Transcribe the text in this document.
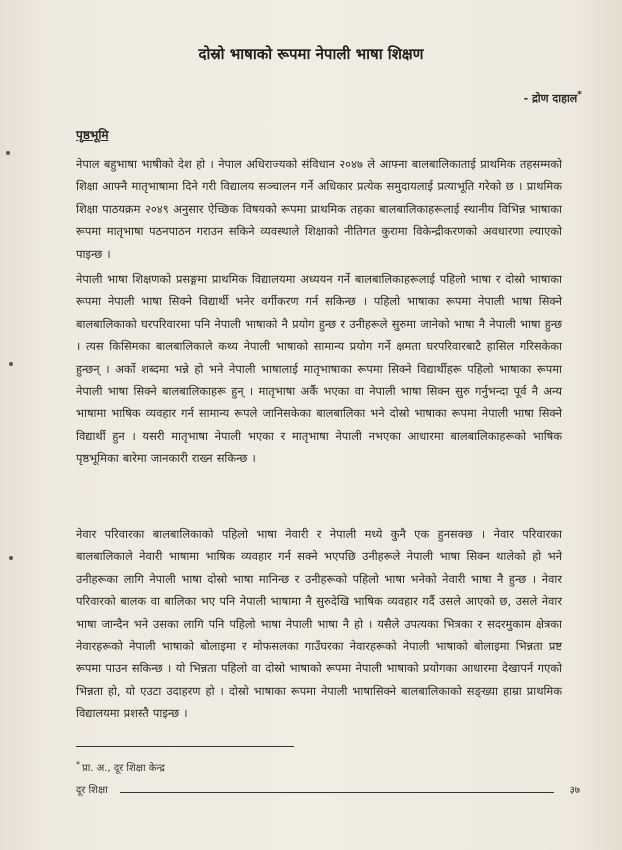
दोस्रो भाषाको रूपमा नेपाली भाषा शिक्षण
- द्रोण दाहाल*
पृष्ठभूमि
नेपाल बहुभाषा भाषीको देश हो । नेपाल अधिराज्यको संविधान २०४७ ले आफ्ना बालबालिकाताई प्राथमिक तहसम्मको शिक्षा आफ्नै मातृभाषामा दिने गरी विद्यालय सञ्चालन गर्ने अधिकार प्रत्येक समुदायलाई प्रत्याभूति गरेको छ । प्राथमिक शिक्षा पाठयक्रम २०४९ अनुसार ऐच्छिक विषयको रूपमा प्राथमिक तहका बालबालिकाहरूलाई स्थानीय विभिन्न भाषाका रूपमा मातृभाषा पठनपाठन गराउन सकिने व्यवस्थाले शिक्षाको नीतिगत कुरामा विकेन्द्रीकरणको अवधारणा ल्याएको पाइन्छ ।
नेपाली भाषा शिक्षणको प्रसङ्गमा प्राथमिक विद्यालयमा अध्ययन गर्ने बालबालिकाहरूलाई पहिलो भाषा र दोस्रो भाषाका रूपमा नेपाली भाषा सिक्ने विद्यार्थी भनेर वर्गीकरण गर्न सकिन्छ । पहिलो भाषाका रूपमा नेपाली भाषा सिक्ने बालबालिकाको घरपरिवारमा पनि नेपाली भाषाको नै प्रयोग हुन्छ र उनीहरूले सुरुमा जानेको भाषा नै नेपाली भाषा हुन्छ । त्यस किसिमका बालबालिकाले कथ्य नेपाली भाषाको सामान्य प्रयोग गर्ने क्षमता घरपरिवारबाटै हासिल गरिसकेका हुन्छन् । अर्को शब्दमा भन्ने हो भने नेपाली भाषालाई मातृभाषाका रूपमा सिक्ने विद्यार्थीहरू पहिलो भाषाका रूपमा नेपाली भाषा सिक्ने बालबालिकाहरू हुन् । मातृभाषा अर्कै भएका वा नेपाली भाषा सिक्न सुरु गर्नुभन्दा पूर्व नै अन्य भाषामा भाषिक व्यवहार गर्न सामान्य रूपले जानिसकेका बालबालिका भने दोस्रो भाषाका रूपमा नेपाली भाषा सिक्ने विद्यार्थी हुन । यसरी मातृभाषा नेपाली भएका र मातृभाषा नेपाली नभएका आधारमा बालबालिकाहरूको भाषिक पृष्ठभूमिका बारेमा जानकारी राख्न सकिन्छ ।
नेवार परिवारका बालबालिकाको पहिलो भाषा नेवारी र नेपाली मध्ये कुनै एक हुनसक्छ । नेवार परिवारका बालबालिकाले नेवारी भाषामा भाषिक व्यवहार गर्न सक्ने भएपछि उनीहरूले नेपाली भाषा सिक्न थालेको हो भने उनीहरूका लागि नेपाली भाषा दोस्रो भाषा मानिन्छ र उनीहरूको पहिलो भाषा भनेको नेवारी भाषा नै हुन्छ । नेवार परिवारको बालक वा बालिका भए पनि नेपाली भाषामा नै सुरुदेखि भाषिक व्यवहार गर्दै उसले आएको छ, उसले नेवार भाषा जान्दैन भने उसका लागि पनि पहिलो भाषा नेपाली भाषा नै हो । यसैले उपत्यका भित्रका र सदरमुकाम क्षेत्रका नेवारहरूको नेपाली भाषाको बोलाइमा र मोफसलका गाउँघरका नेवारहरूको नेपाली भाषाको बोलाइमा भिन्नता प्रष्ट रूपमा पाउन सकिन्छ । यो भिन्नता पहिलो वा दोस्रो भाषाको रूपमा नेपाली भाषाको प्रयोगका आधारमा देखापर्न गएको भिन्नता हो, यो एउटा उदाहरण हो । दोस्रो भाषाका रूपमा नेपाली भाषासिक्ने बालबालिकाको सङ्ख्या हाम्रा प्राथमिक विद्यालयमा प्रशस्तै पाइन्छ ।
* प्रा. अ., दूर शिक्षा केन्द्र
दूर शिक्षा	३७
